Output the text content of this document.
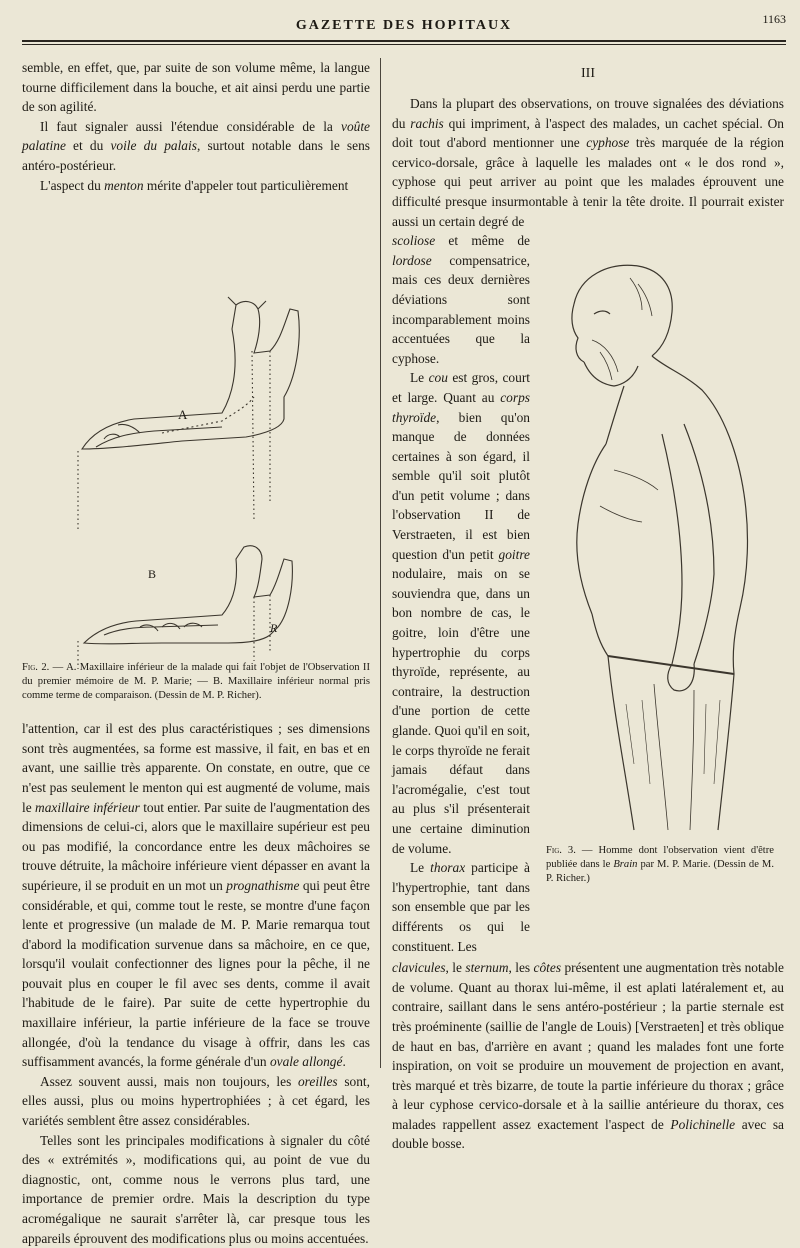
GAZETTE DES HOPITAUX	1163

semble, en effet, que, par suite de son volume même, la langue tourne difficilement dans la bouche, et ait ainsi perdu une partie de son agilité.

Il faut signaler aussi l'étendue considérable de la voûte palatine et du voile du palais, surtout notable dans le sens antéro-postérieur.

L'aspect du menton mérite d'appeler tout particulièrement

A
B
R

Fig. 2. — A. Maxillaire inférieur de la malade qui fait l'objet de l'Observation II du premier mémoire de M. P. Marie; — B. Maxillaire inférieur normal pris comme terme de comparaison. (Dessin de M. P. Richer).

l'attention, car il est des plus caractéristiques ; ses dimensions sont très augmentées, sa forme est massive, il fait, en bas et en avant, une saillie très apparente. On constate, en outre, que ce n'est pas seulement le menton qui est augmenté de volume, mais le maxillaire inférieur tout entier. Par suite de l'augmentation des dimensions de celui-ci, alors que le maxillaire supérieur est peu ou pas modifié, la concordance entre les deux mâchoires se trouve détruite, la mâchoire inférieure vient dépasser en avant la supérieure, il se produit en un mot un prognathisme qui peut être considérable, et qui, comme tout le reste, se montre d'une façon lente et progressive (un malade de M. P. Marie remarqua tout d'abord la modification survenue dans sa mâchoire, en ce que, lorsqu'il voulait confectionner des lignes pour la pêche, il ne pouvait plus en couper le fil avec ses dents, comme il avait l'habitude de le faire). Par suite de cette hypertrophie du maxillaire inférieur, la partie inférieure de la face se trouve allongée, d'où la tendance du visage à offrir, dans les cas suffisamment avancés, la forme générale d'un ovale allongé.

Assez souvent aussi, mais non toujours, les oreilles sont, elles aussi, plus ou moins hypertrophiées ; à cet égard, les variétés semblent être assez considérables.

Telles sont les principales modifications à signaler du côté des « extrémités », modifications qui, au point de vue du diagnostic, ont, comme nous le verrons plus tard, une importance de premier ordre. Mais la description du type acromégalique ne saurait s'arrêter là, car presque tous les appareils éprouvent des modifications plus ou moins accentuées.

III

Dans la plupart des observations, on trouve signalées des déviations du rachis qui impriment, à l'aspect des malades, un cachet spécial. On doit tout d'abord mentionner une cyphose très marquée de la région cervico-dorsale, grâce à laquelle les malades ont « le dos rond », cyphose qui peut arriver au point que les malades éprouvent une difficulté presque insurmontable à tenir la tête droite. Il pourrait exister aussi un certain degré de

scoliose et même de lordose compensatrice, mais ces deux dernières déviations sont incomparablement moins accentuées que la cyphose.

Le cou est gros, court et large. Quant au corps thyroïde, bien qu'on manque de données certaines à son égard, il semble qu'il soit plutôt d'un petit volume ; dans l'observation II de Verstraeten, il est bien question d'un petit goitre nodulaire, mais on se souviendra que, dans un bon nombre de cas, le goitre, loin d'être une hypertrophie du corps thyroïde, représente, au contraire, la destruction d'une portion de cette glande. Quoi qu'il en soit, le corps thyroïde ne ferait jamais défaut dans l'acromégalie, c'est tout au plus s'il présenterait une certaine diminution de volume.

Le thorax participe à l'hypertrophie, tant dans son ensemble que par les différents os qui le constituent. Les

Fig. 3. — Homme dont l'observation vient d'être publiée dans le Brain par M. P. Marie. (Dessin de M. P. Richer.)

clavicules, le sternum, les côtes présentent une augmentation très notable de volume. Quant au thorax lui-même, il est aplati latéralement et, au contraire, saillant dans le sens antéro-postérieur ; la partie sternale est très proéminente (saillie de l'angle de Louis) [Verstraeten] et très oblique de haut en bas, d'arrière en avant ; quand les malades font une forte inspiration, on voit se produire un mouvement de projection en avant, très marqué et très bizarre, de toute la partie inférieure du thorax ; grâce à leur cyphose cervico-dorsale et à la saillie antérieure du thorax, ces malades rappellent assez exactement l'aspect de Polichinelle avec sa double bosse.
